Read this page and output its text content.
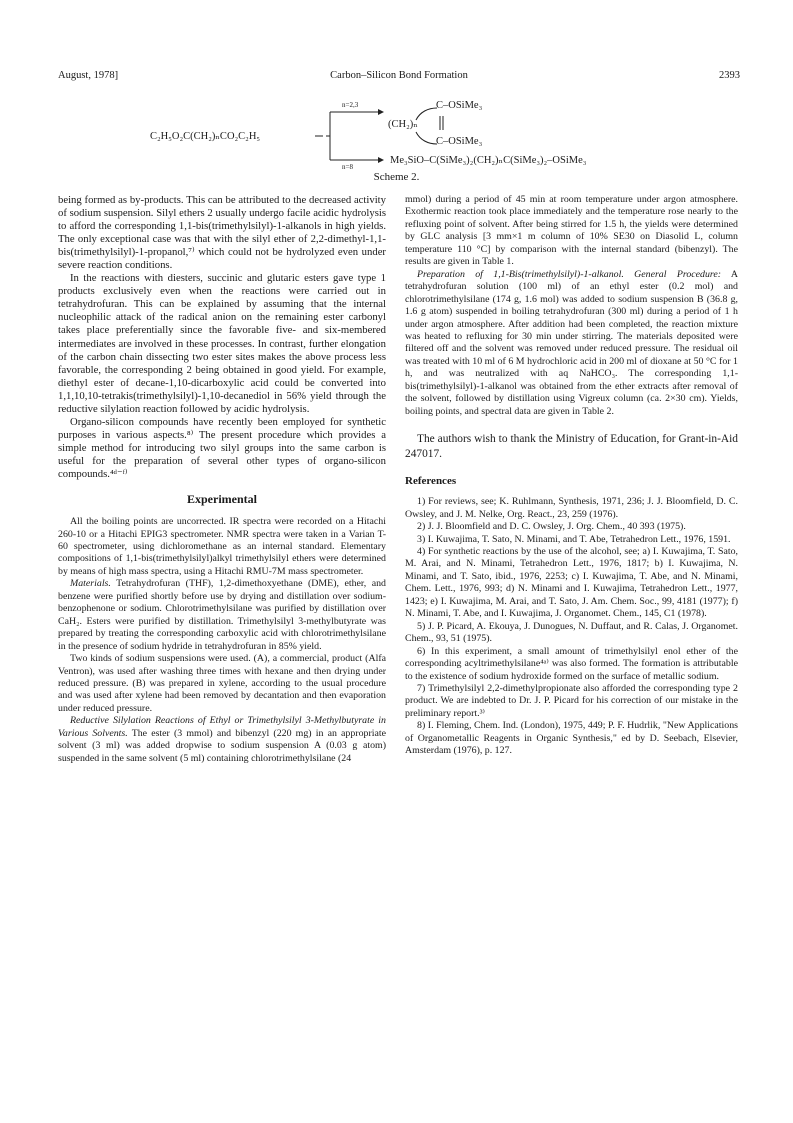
August, 1978]	Carbon–Silicon Bond Formation	2393
C₂H₅O₂C(CH₂)ₙCO₂C₂H₅
n=2,3
n=8
C–OSiMe₃
(CH₂)ₙ
C–OSiMe₃
Me₃SiO–C(SiMe₃)₂(CH₂)ₙC(SiMe₃)₂–OSiMe₃
Scheme 2.

being formed as by-products. This can be attributed to the decreased activity of sodium suspension. Silyl ethers 2 usually undergo facile acidic hydrolysis to afford the corresponding 1,1-bis(trimethylsilyl)-1-alkanols in high yields. The only exceptional case was that with the silyl ether of 2,2-dimethyl-1,1-bis(trimethylsilyl)-1-propanol,⁷⁾ which could not be hydrolyzed even under severe reaction conditions.

In the reactions with diesters, succinic and glutaric esters gave type 1 products exclusively even when the reactions were carried out in tetrahydrofuran. This can be explained by assuming that the internal nucleophilic attack of the radical anion on the remaining ester carbonyl takes place preferentially since the favorable five- and six-membered intermediates are involved in these processes. In contrast, further elongation of the carbon chain dissecting two ester sites makes the above process less favorable, the corresponding 2 being obtained in good yield. For example, diethyl ester of decane-1,10-dicarboxylic acid could be converted into 1,1,10,10-tetrakis(trimethylsilyl)-1,10-decanediol in 56% yield through the reductive silylation reaction followed by acidic hydrolysis.

Organo-silicon compounds have recently been employed for synthetic purposes in various aspects.⁸⁾ The present procedure which provides a simple method for introducing two silyl groups into the same carbon is useful for the preparation of several other types of organo-silicon compounds.⁴ᵈ⁻ᶠ⁾

Experimental

All the boiling points are uncorrected. IR spectra were recorded on a Hitachi 260-10 or a Hitachi EPIG3 spectrometer. NMR spectra were taken in a Varian T-60 spectrometer, using dichloromethane as an internal standard. Elementary compositions of 1,1-bis(trimethylsilyl)alkyl trimethylsilyl ethers were determined by means of high mass spectra, using a Hitachi RMU-7M mass spectrometer.

Materials. Tetrahydrofuran (THF), 1,2-dimethoxyethane (DME), ether, and benzene were purified shortly before use by drying and distillation over sodium-benzophenone or sodium. Chlorotrimethylsilane was purified by distillation over CaH₂. Esters were purified by distillation. Trimethylsilyl 3-methylbutyrate was prepared by treating the corresponding carboxylic acid with chlorotrimethylsilane in the presence of sodium hydride in tetrahydrofuran in 85% yield.

Two kinds of sodium suspensions were used. (A), a commercial, product (Alfa Ventron), was used after washing three times with hexane and then drying under reduced pressure. (B) was prepared in xylene, according to the usual procedure and was used after xylene had been removed by decantation and then evaporation under reduced pressure.

Reductive Silylation Reactions of Ethyl or Trimethylsilyl 3-Methylbutyrate in Various Solvents. The ester (3 mmol) and bibenzyl (220 mg) in an appropriate solvent (3 ml) was added dropwise to sodium suspension A (0.03 g atom) suspended in the same solvent (5 ml) containing chlorotrimethylsilane (24

mmol) during a period of 45 min at room temperature under argon atmosphere. Exothermic reaction took place immediately and the temperature rose nearly to the refluxing point of solvent. After being stirred for 1.5 h, the yields were determined by GLC analysis [3 mm×1 m column of 10% SE30 on Diasolid L, column temperature 110 °C] by comparison with the internal standard (bibenzyl). The results are given in Table 1.

Preparation of 1,1-Bis(trimethylsilyl)-1-alkanol. General Procedure: A tetrahydrofuran solution (100 ml) of an ethyl ester (0.2 mol) and chlorotrimethylsilane (174 g, 1.6 mol) was added to sodium suspension B (36.8 g, 1.6 g atom) suspended in boiling tetrahydrofuran (300 ml) during a period of 1 h under argon atmosphere. After addition had been completed, the reaction mixture was heated to refluxing for 30 min under stirring. The materials deposited were filtered off and the solvent was removed under reduced pressure. The residual oil was treated with 10 ml of 6 M hydrochloric acid in 200 ml of dioxane at 50 °C for 1 h, and was neutralized with aq NaHCO₃. The corresponding 1,1-bis(trimethylsilyl)-1-alkanol was obtained from the ether extracts after removal of the solvent, followed by distillation using Vigreux column (ca. 2×30 cm). Yields, boiling points, and spectral data are given in Table 2.

The authors wish to thank the Ministry of Education, for Grant-in-Aid 247017.

References

1) For reviews, see; K. Ruhlmann, Synthesis, 1971, 236; J. J. Bloomfield, D. C. Owsley, and J. M. Nelke, Org. React., 23, 259 (1976).

2) J. J. Bloomfield and D. C. Owsley, J. Org. Chem., 40 393 (1975).

3) I. Kuwajima, T. Sato, N. Minami, and T. Abe, Tetrahedron Lett., 1976, 1591.

4) For synthetic reactions by the use of the alcohol, see; a) I. Kuwajima, T. Sato, M. Arai, and N. Minami, Tetrahedron Lett., 1976, 1817; b) I. Kuwajima, N. Minami, and T. Sato, ibid., 1976, 2253; c) I. Kuwajima, T. Abe, and N. Minami, Chem. Lett., 1976, 993; d) N. Minami and I. Kuwajima, Tetrahedron Lett., 1977, 1423; e) I. Kuwajima, M. Arai, and T. Sato, J. Am. Chem. Soc., 99, 4181 (1977); f) N. Minami, T. Abe, and I. Kuwajima, J. Organomet. Chem., 145, C1 (1978).

5) J. P. Picard, A. Ekouya, J. Dunogues, N. Duffaut, and R. Calas, J. Organomet. Chem., 93, 51 (1975).

6) In this experiment, a small amount of trimethylsilyl enol ether of the corresponding acyltrimethylsilane⁴ᵃ⁾ was also formed. The formation is attributable to the existence of sodium hydroxide formed on the surface of metallic sodium.

7) Trimethylsilyl 2,2-dimethylpropionate also afforded the corresponding type 2 product. We are indebted to Dr. J. P. Picard for his correction of our mistake in the preliminary report.³⁾

8) I. Fleming, Chem. Ind. (London), 1975, 449; P. F. Hudrlik, "New Applications of Organometallic Reagents in Organic Synthesis," ed by D. Seebach, Elsevier, Amsterdam (1976), p. 127.
